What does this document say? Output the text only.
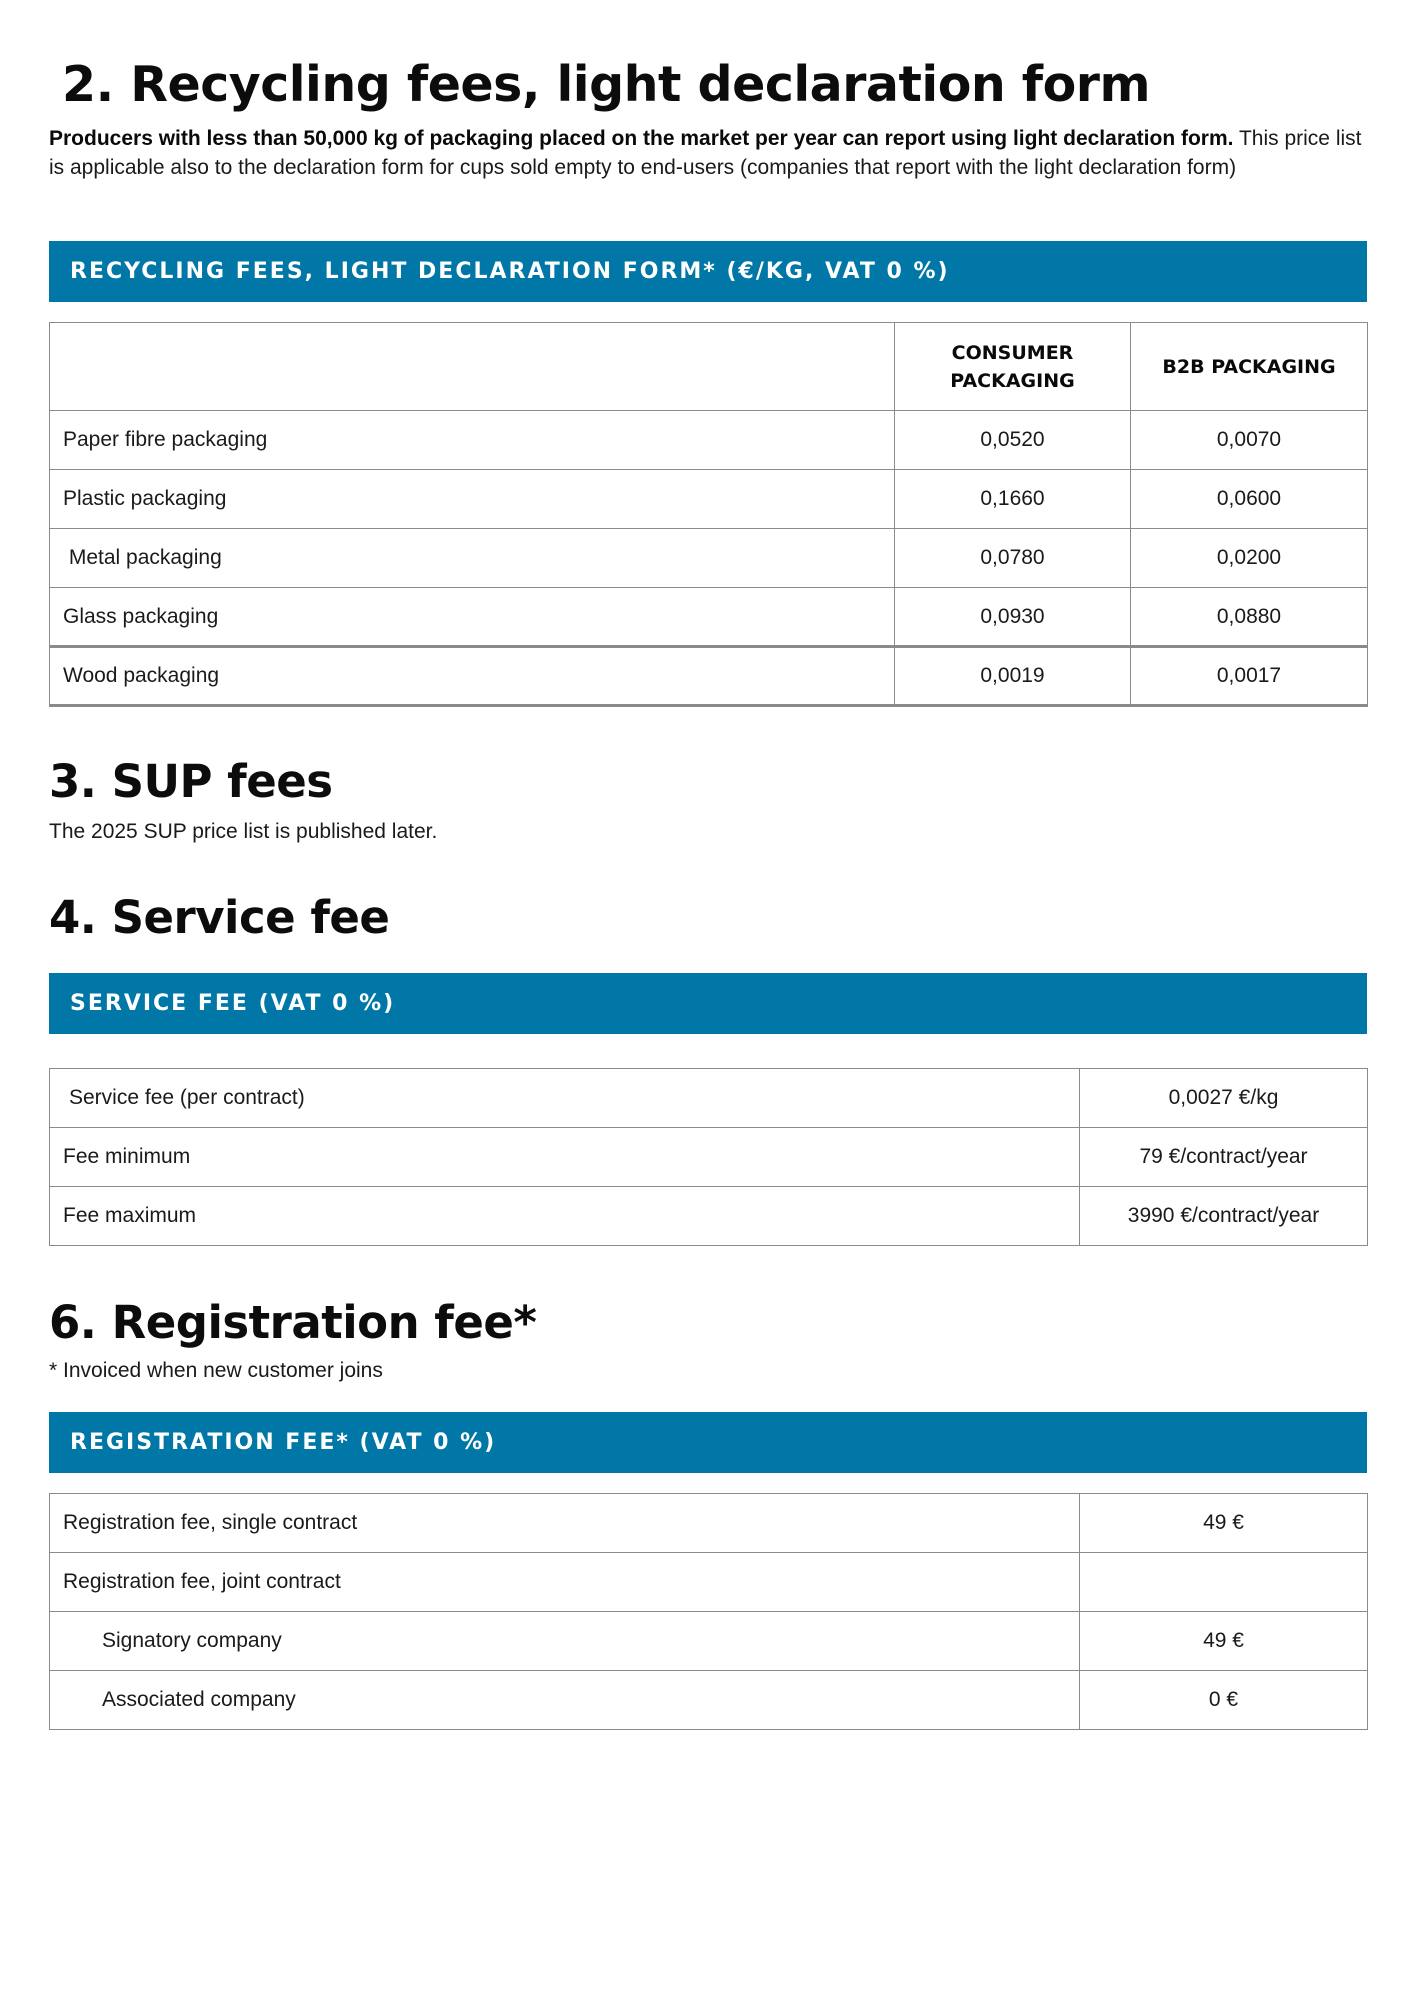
2. Recycling fees, light declaration form

Producers with less than 50,000 kg of packaging placed on the market per year can report using light declaration form. This price list is applicable also to the declaration form for cups sold empty to end-users (companies that report with the light declaration form)

RECYCLING FEES, LIGHT DECLARATION FORM* (€/KG, VAT 0 %)
	CONSUMER PACKAGING	B2B PACKAGING
Paper fibre packaging	0,0520	0,0070
Plastic packaging	0,1660	0,0600
Metal packaging	0,0780	0,0200
Glass packaging	0,0930	0,0880
Wood packaging	0,0019	0,0017
3. SUP fees
The 2025 SUP price list is published later.
4. Service fee
SERVICE FEE (VAT 0 %)
Service fee (per contract)	0,0027 €/kg
Fee minimum	79 €/contract/year
Fee maximum	3990 €/contract/year
6. Registration fee*
* Invoiced when new customer joins
REGISTRATION FEE* (VAT 0 %)
Registration fee, single contract	49 €
Registration fee, joint contract	
Signatory company	49 €
Associated company	0 €
